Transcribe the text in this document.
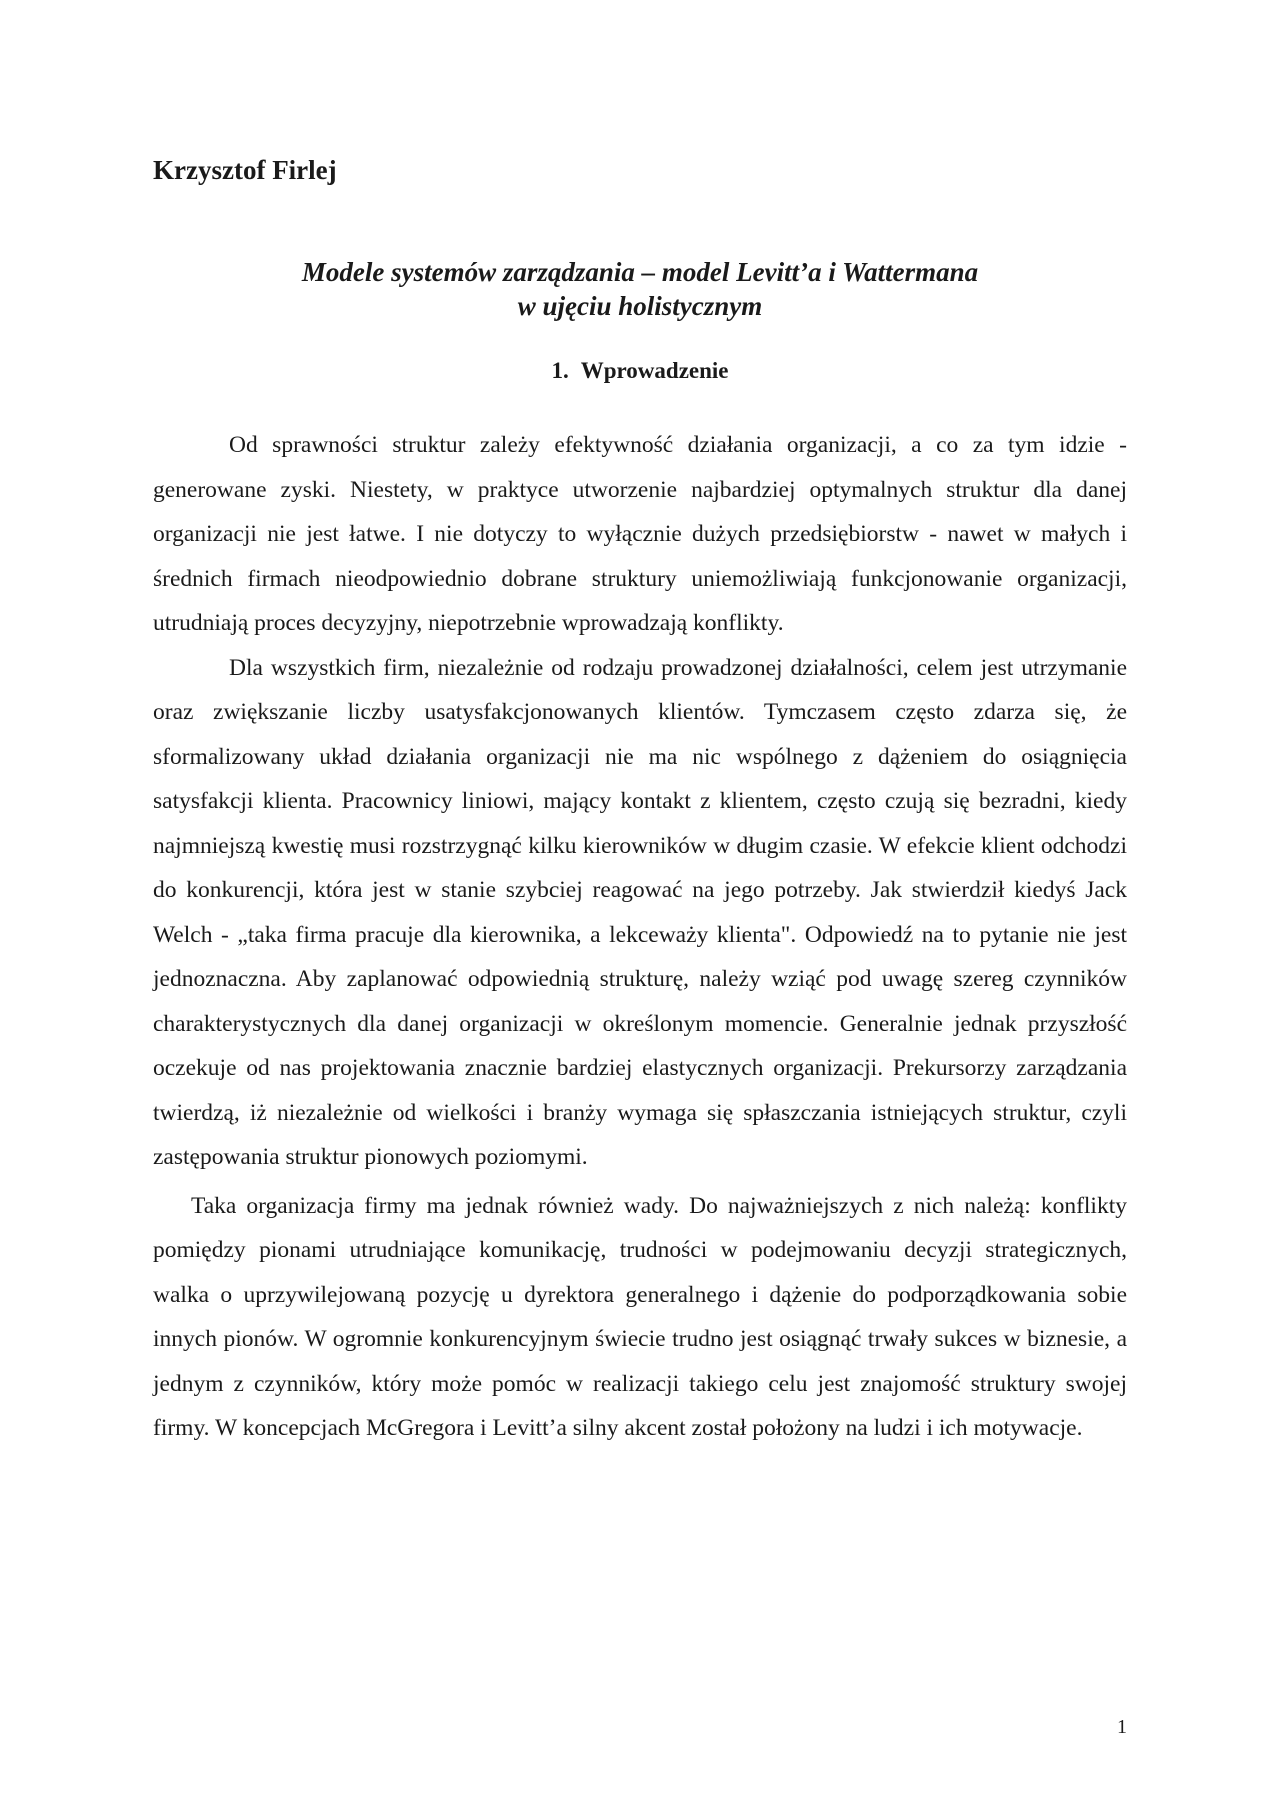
Krzysztof Firlej
Modele systemów zarządzania – model Levitt’a i Wattermana
w ujęciu holistycznym
1. Wprowadzenie

Od sprawności struktur zależy efektywność działania organizacji, a co za tym idzie - generowane zyski. Niestety, w praktyce utworzenie najbardziej optymalnych struktur dla danej organizacji nie jest łatwe. I nie dotyczy to wyłącznie dużych przedsiębiorstw - nawet w małych i średnich firmach nieodpowiednio dobrane struktury uniemożliwiają funkcjonowanie organizacji, utrudniają proces decyzyjny, niepotrzebnie wprowadzają konflikty.

Dla wszystkich firm, niezależnie od rodzaju prowadzonej działalności, celem jest utrzymanie oraz zwiększanie liczby usatysfakcjonowanych klientów. Tymczasem często zdarza się, że sformalizowany układ działania organizacji nie ma nic wspólnego z dążeniem do osiągnięcia satysfakcji klienta. Pracownicy liniowi, mający kontakt z klientem, często czują się bezradni, kiedy najmniejszą kwestię musi rozstrzygnąć kilku kierowników w długim czasie. W efekcie klient odchodzi do konkurencji, która jest w stanie szybciej reagować na jego potrzeby. Jak stwierdził kiedyś Jack Welch - „taka firma pracuje dla kierownika, a lekceważy klienta". Odpowiedź na to pytanie nie jest jednoznaczna. Aby zaplanować odpowiednią strukturę, należy wziąć pod uwagę szereg czynników charakterystycznych dla danej organizacji w określonym momencie. Generalnie jednak przyszłość oczekuje od nas projektowania znacznie bardziej elastycznych organizacji. Prekursorzy zarządzania twierdzą, iż niezależnie od wielkości i branży wymaga się spłaszczania istniejących struktur, czyli zastępowania struktur pionowych poziomymi.

Taka organizacja firmy ma jednak również wady. Do najważniejszych z nich należą: konflikty pomiędzy pionami utrudniające komunikację, trudności w podejmowaniu decyzji strategicznych, walka o uprzywilejowaną pozycję u dyrektora generalnego i dążenie do podporządkowania sobie innych pionów. W ogromnie konkurencyjnym świecie trudno jest osiągnąć trwały sukces w biznesie, a jednym z czynników, który może pomóc w realizacji takiego celu jest znajomość struktury swojej firmy. W koncepcjach McGregora i Levitt’a silny akcent został położony na ludzi i ich motywacje.

1
